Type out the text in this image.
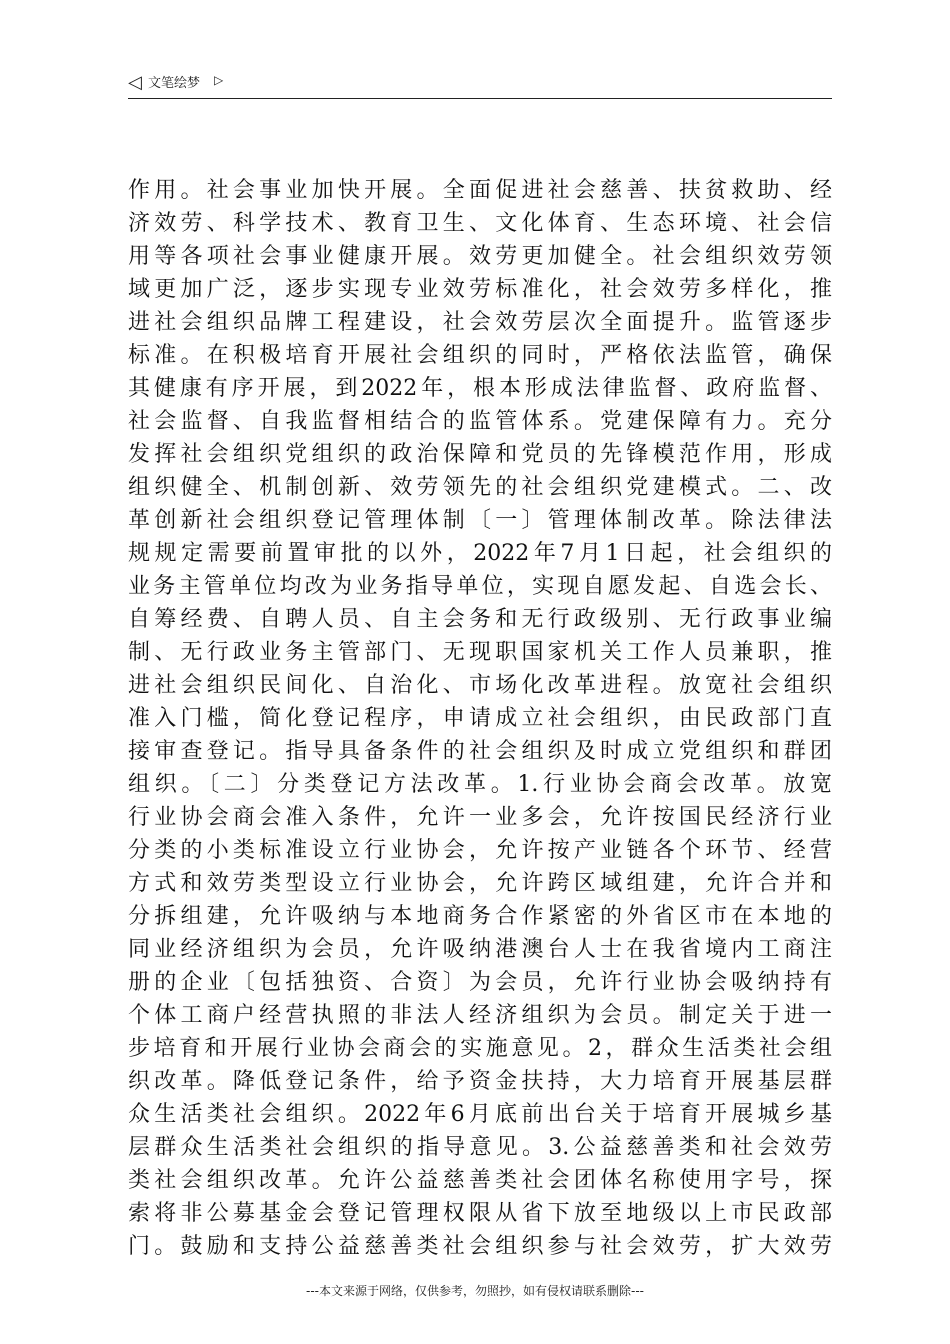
◁ 文笔绘梦 ▷
作用。社会事业加快开展。全面促进社会慈善、扶贫救助、经
济效劳、科学技术、教育卫生、文化体育、生态环境、社会信
用等各项社会事业健康开展。效劳更加健全。社会组织效劳领
域更加广泛，逐步实现专业效劳标准化，社会效劳多样化，推
进社会组织品牌工程建设，社会效劳层次全面提升。监管逐步
标准。在积极培育开展社会组织的同时，严格依法监管，确保
其健康有序开展，到2022年，根本形成法律监督、政府监督、
社会监督、自我监督相结合的监管体系。党建保障有力。充分
发挥社会组织党组织的政治保障和党员的先锋模范作用，形成
组织健全、机制创新、效劳领先的社会组织党建模式。二、改
革创新社会组织登记管理体制〔一〕管理体制改革。除法律法
规规定需要前置审批的以外，2022年7月1日起，社会组织的
业务主管单位均改为业务指导单位，实现自愿发起、自选会长、
自筹经费、自聘人员、自主会务和无行政级别、无行政事业编
制、无行政业务主管部门、无现职国家机关工作人员兼职，推
进社会组织民间化、自治化、市场化改革进程。放宽社会组织
准入门槛，简化登记程序，申请成立社会组织，由民政部门直
接审查登记。指导具备条件的社会组织及时成立党组织和群团
组织。〔二〕分类登记方法改革。1.行业协会商会改革。放宽
行业协会商会准入条件，允许一业多会，允许按国民经济行业
分类的小类标准设立行业协会，允许按产业链各个环节、经营
方式和效劳类型设立行业协会，允许跨区域组建，允许合并和
分拆组建，允许吸纳与本地商务合作紧密的外省区市在本地的
同业经济组织为会员，允许吸纳港澳台人士在我省境内工商注
册的企业〔包括独资、合资〕为会员，允许行业协会吸纳持有
个体工商户经营执照的非法人经济组织为会员。制定关于进一
步培育和开展行业协会商会的实施意见。2，群众生活类社会组
织改革。降低登记条件，给予资金扶持，大力培育开展基层群
众生活类社会组织。2022年6月底前出台关于培育开展城乡基
层群众生活类社会组织的指导意见。3.公益慈善类和社会效劳
类社会组织改革。允许公益慈善类社会团体名称使用字号，探
索将非公募基金会登记管理权限从省下放至地级以上市民政部
门。鼓励和支持公益慈善类社会组织参与社会效劳，扩大效劳
---本文来源于网络，仅供参考，勿照抄，如有侵权请联系删除---
